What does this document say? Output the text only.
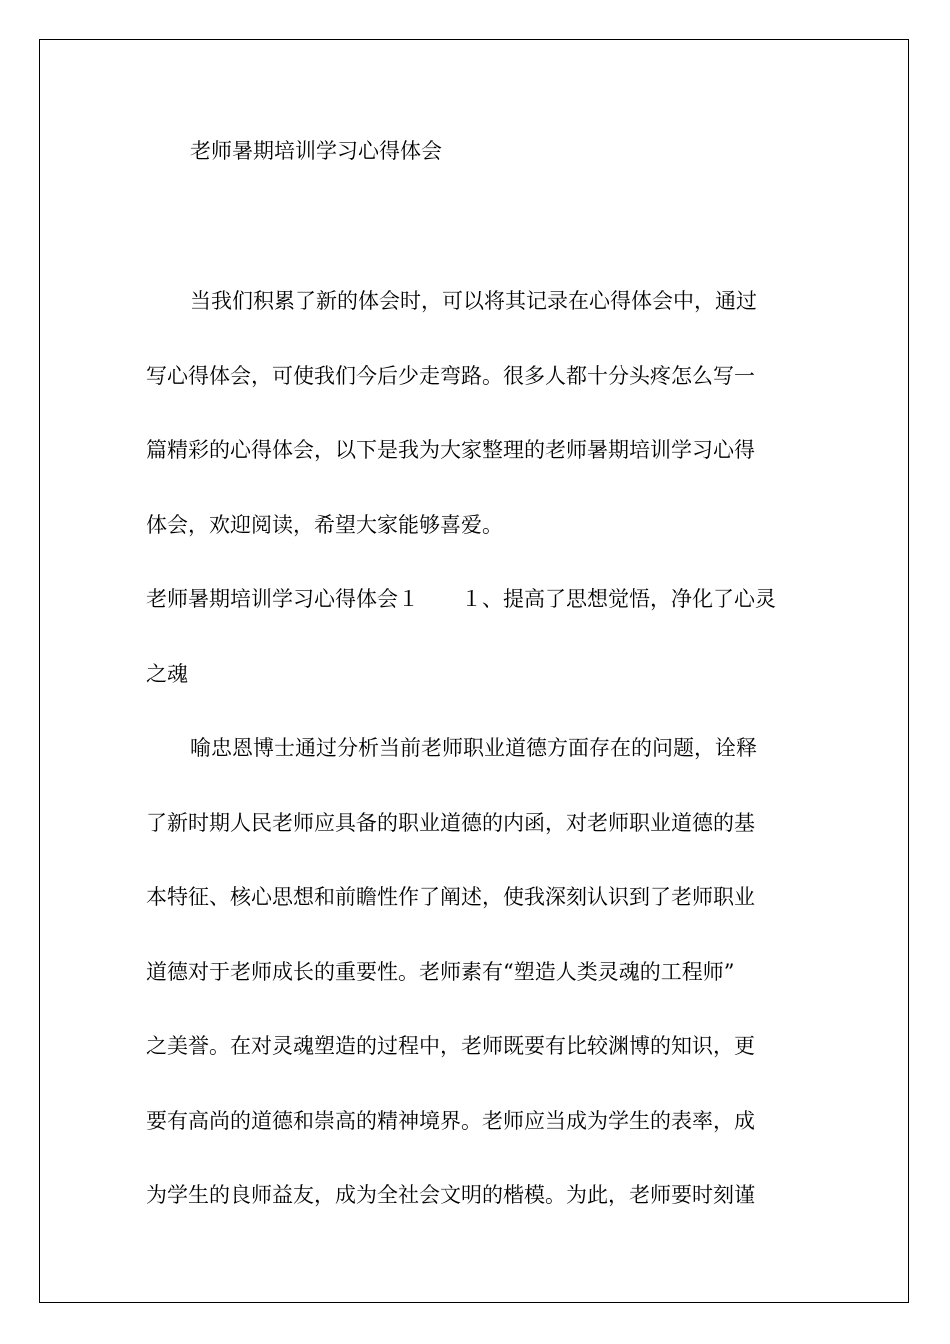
老师暑期培训学习心得体会
当我们积累了新的体会时，可以将其记录在心得体会中，通过
写心得体会，可使我们今后少走弯路。很多人都十分头疼怎么写一
篇精彩的心得体会，以下是我为大家整理的老师暑期培训学习心得
体会，欢迎阅读，希望大家能够喜爱。
老师暑期培训学习心得体会１　　１、提高了思想觉悟，净化了心灵
之魂
喻忠恩博士通过分析当前老师职业道德方面存在的问题，诠释
了新时期人民老师应具备的职业道德的内函，对老师职业道德的基
本特征、核心思想和前瞻性作了阐述，使我深刻认识到了老师职业
道德对于老师成长的重要性。老师素有“塑造人类灵魂的工程师”
之美誉。在对灵魂塑造的过程中，老师既要有比较渊博的知识，更
要有高尚的道德和崇高的精神境界。老师应当成为学生的表率，成
为学生的良师益友，成为全社会文明的楷模。为此，老师要时刻谨
